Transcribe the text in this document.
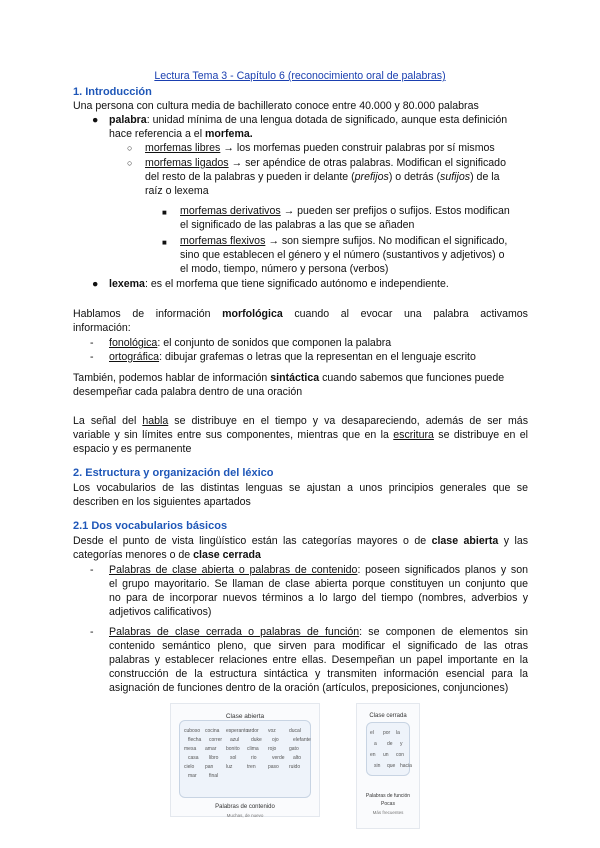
Lectura Tema 3 - Capítulo 6 (reconocimiento oral de palabras)
1. Introducción
Una persona con cultura media de bachillerato conoce entre 40.000 y 80.000 palabras
● palabra: unidad mínima de una lengua dotada de significado, aunque esta definición
hace referencia a el morfema.
○ morfemas libres → los morfemas pueden construir palabras por sí mismos
○ morfemas ligados → ser apéndice de otras palabras. Modifican el significado
del resto de la palabras y pueden ir delante (prefijos) o detrás (sufijos) de la
raíz o lexema
■ morfemas derivativos → pueden ser prefijos o sufijos. Estos modifican
el significado de las palabras a las que se añaden
■ morfemas flexivos → son siempre sufijos. No modifican el significado,
sino que establecen el género y el número (sustantivos y adjetivos) o
el modo, tiempo, número y persona (verbos)
● lexema: es el morfema que tiene significado autónomo e independiente.
Hablamos de información morfológica cuando al evocar una palabra activamos
información:
- fonológica: el conjunto de sonidos que componen la palabra
- ortográfica: dibujar grafemas o letras que la representan en el lenguaje escrito
También, podemos hablar de información sintáctica cuando sabemos que funciones puede
desempeñar cada palabra dentro de una oración
La señal del habla se distribuye en el tiempo y va desapareciendo, además de ser más
variable y sin límites entre sus componentes, mientras que en la escritura se distribuye en el
espacio y es permanente
2. Estructura y organización del léxico
Los vocabularios de las distintas lenguas se ajustan a unos principios generales que se
describen en los siguientes apartados
2.1 Dos vocabularios básicos
Desde el punto de vista lingüístico están las categorías mayores o de clase abierta y las
categorías menores o de clase cerrada
- Palabras de clase abierta o palabras de contenido: poseen significados planos y son
el grupo mayoritario. Se llaman de clase abierta porque constituyen un conjunto que
no para de incorporar nuevos términos a lo largo del tiempo (nombres, adverbios y
adjetivos calificativos)
- Palabras de clase cerrada o palabras de función: se componen de elementos sin
contenido semántico pleno, que sirven para modificar el significado de las otras
palabras y establecer relaciones entre ellas. Desempeñan un papel importante en la
construcción de la estructura sintáctica y transmiten información esencial para la
asignación de funciones dentro de la oración (artículos, preposiciones, conjunciones)
Clase abierta
cuboso cocina esperanto
ardor voz	ducal
flecha correr azul duke ojo	elefante
mesa amar bonito clima rojo	gato
casa libro sol	rio	verde alto
cielo pan	luz	tren paso ruido
mar final
Palabras de contenido
Muchas, de nuevo
Clase cerrada
el por la
a de y
en un con
sin que hacia
Palabras de función
Pocas
Más frecuentes
